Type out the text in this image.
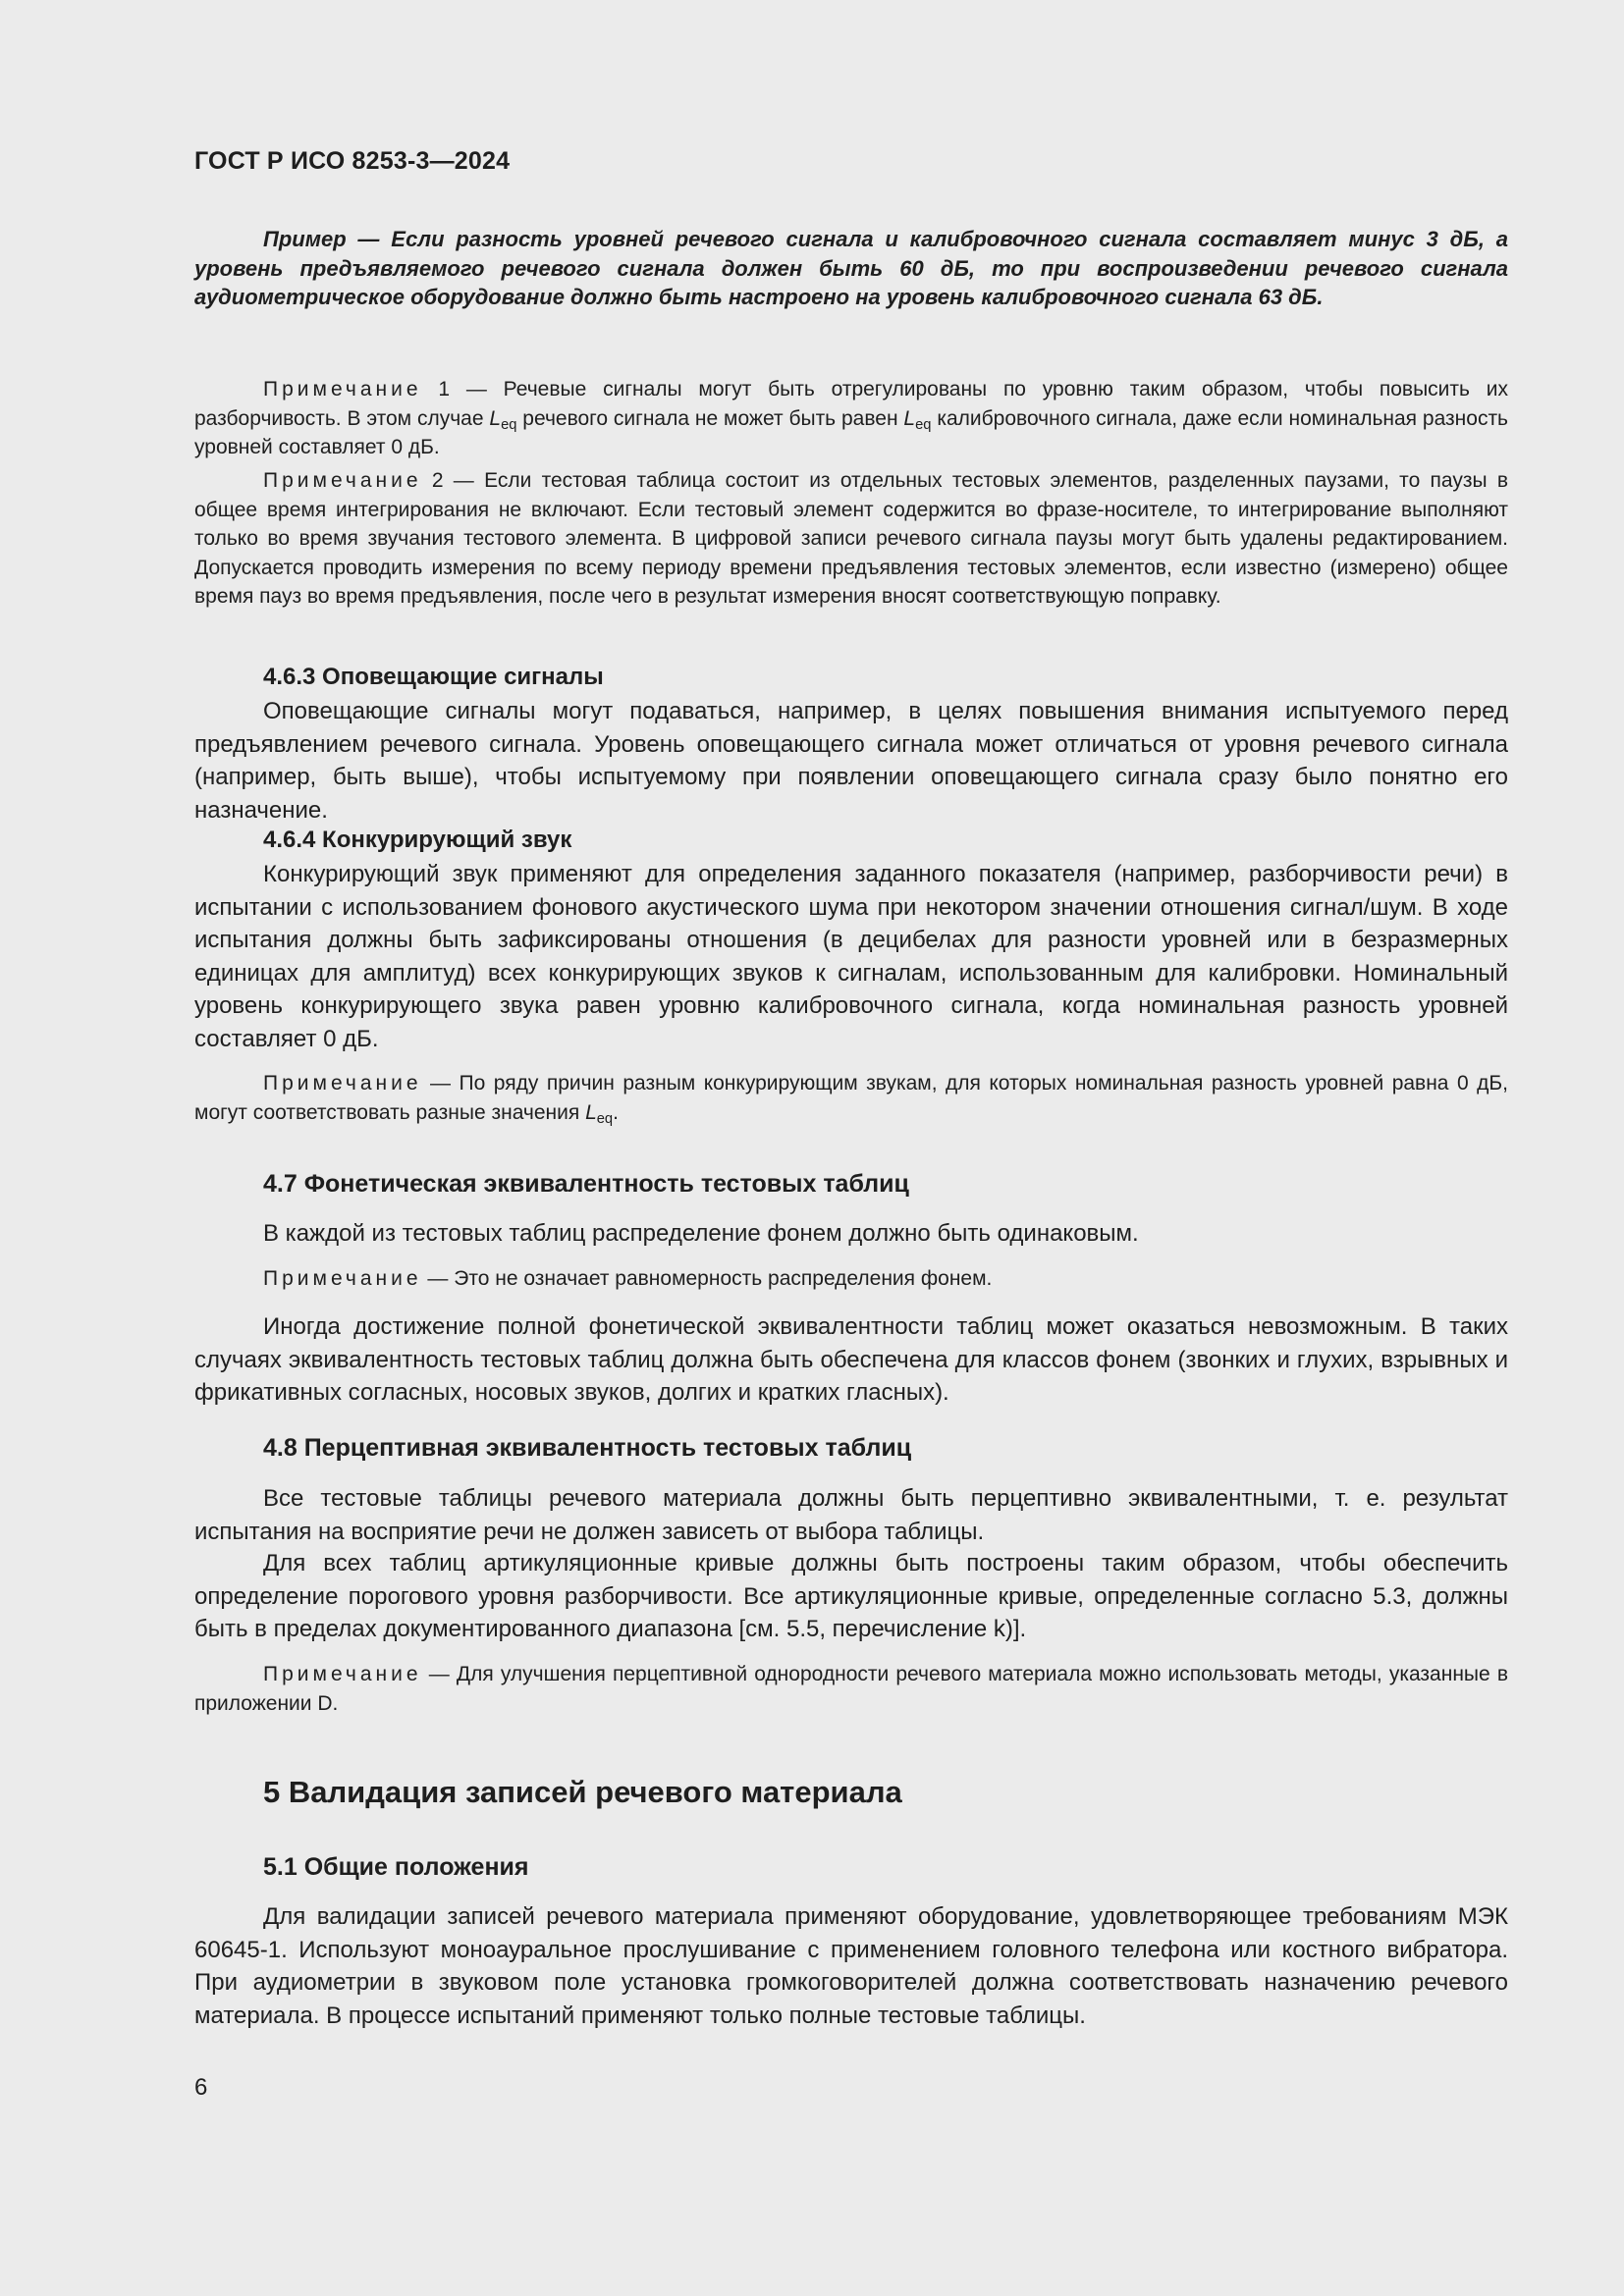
ГОСТ Р ИСО 8253-3—2024

Пример — Если разность уровней речевого сигнала и калибровочного сигнала составляет минус 3 дБ, а уровень предъявляемого речевого сигнала должен быть 60 дБ, то при воспроизведении речевого сигнала аудиометрическое оборудование должно быть настроено на уровень калибровочного сигнала 63 дБ.

Примечание 1 — Речевые сигналы могут быть отрегулированы по уровню таким образом, чтобы повысить их разборчивость. В этом случае $L_{eq}$ речевого сигнала не может быть равен $L_{eq}$ калибровочного сигнала, даже если номинальная разность уровней составляет 0 дБ.

Примечание 2 — Если тестовая таблица состоит из отдельных тестовых элементов, разделенных паузами, то паузы в общее время интегрирования не включают. Если тестовый элемент содержится во фразе-носителе, то интегрирование выполняют только во время звучания тестового элемента. В цифровой записи речевого сигнала паузы могут быть удалены редактированием. Допускается проводить измерения по всему периоду времени предъявления тестовых элементов, если известно (измерено) общее время пауз во время предъявления, после чего в результат измерения вносят соответствующую поправку.

4.6.3 Оповещающие сигналы

Оповещающие сигналы могут подаваться, например, в целях повышения внимания испытуемого перед предъявлением речевого сигнала. Уровень оповещающего сигнала может отличаться от уровня речевого сигнала (например, быть выше), чтобы испытуемому при появлении оповещающего сигнала сразу было понятно его назначение.

4.6.4 Конкурирующий звук

Конкурирующий звук применяют для определения заданного показателя (например, разборчивости речи) в испытании с использованием фонового акустического шума при некотором значении отношения сигнал/шум. В ходе испытания должны быть зафиксированы отношения (в децибелах для разности уровней или в безразмерных единицах для амплитуд) всех конкурирующих звуков к сигналам, использованным для калибровки. Номинальный уровень конкурирующего звука равен уровню калибровочного сигнала, когда номинальная разность уровней составляет 0 дБ.

Примечание — По ряду причин разным конкурирующим звукам, для которых номинальная разность уровней равна 0 дБ, могут соответствовать разные значения $L_{eq}$.

4.7 Фонетическая эквивалентность тестовых таблиц

В каждой из тестовых таблиц распределение фонем должно быть одинаковым.

Примечание — Это не означает равномерность распределения фонем.

Иногда достижение полной фонетической эквивалентности таблиц может оказаться невозможным. В таких случаях эквивалентность тестовых таблиц должна быть обеспечена для классов фонем (звонких и глухих, взрывных и фрикативных согласных, носовых звуков, долгих и кратких гласных).

4.8 Перцептивная эквивалентность тестовых таблиц

Все тестовые таблицы речевого материала должны быть перцептивно эквивалентными, т. е. результат испытания на восприятие речи не должен зависеть от выбора таблицы.

Для всех таблиц артикуляционные кривые должны быть построены таким образом, чтобы обеспечить определение порогового уровня разборчивости. Все артикуляционные кривые, определенные согласно 5.3, должны быть в пределах документированного диапазона [см. 5.5, перечисление k)].

Примечание — Для улучшения перцептивной однородности речевого материала можно использовать методы, указанные в приложении D.

5 Валидация записей речевого материала
5.1 Общие положения

Для валидации записей речевого материала применяют оборудование, удовлетворяющее требованиям МЭК 60645-1. Используют моноауральное прослушивание с применением головного телефона или костного вибратора. При аудиометрии в звуковом поле установка громкоговорителей должна соответствовать назначению речевого материала. В процессе испытаний применяют только полные тестовые таблицы.

6
